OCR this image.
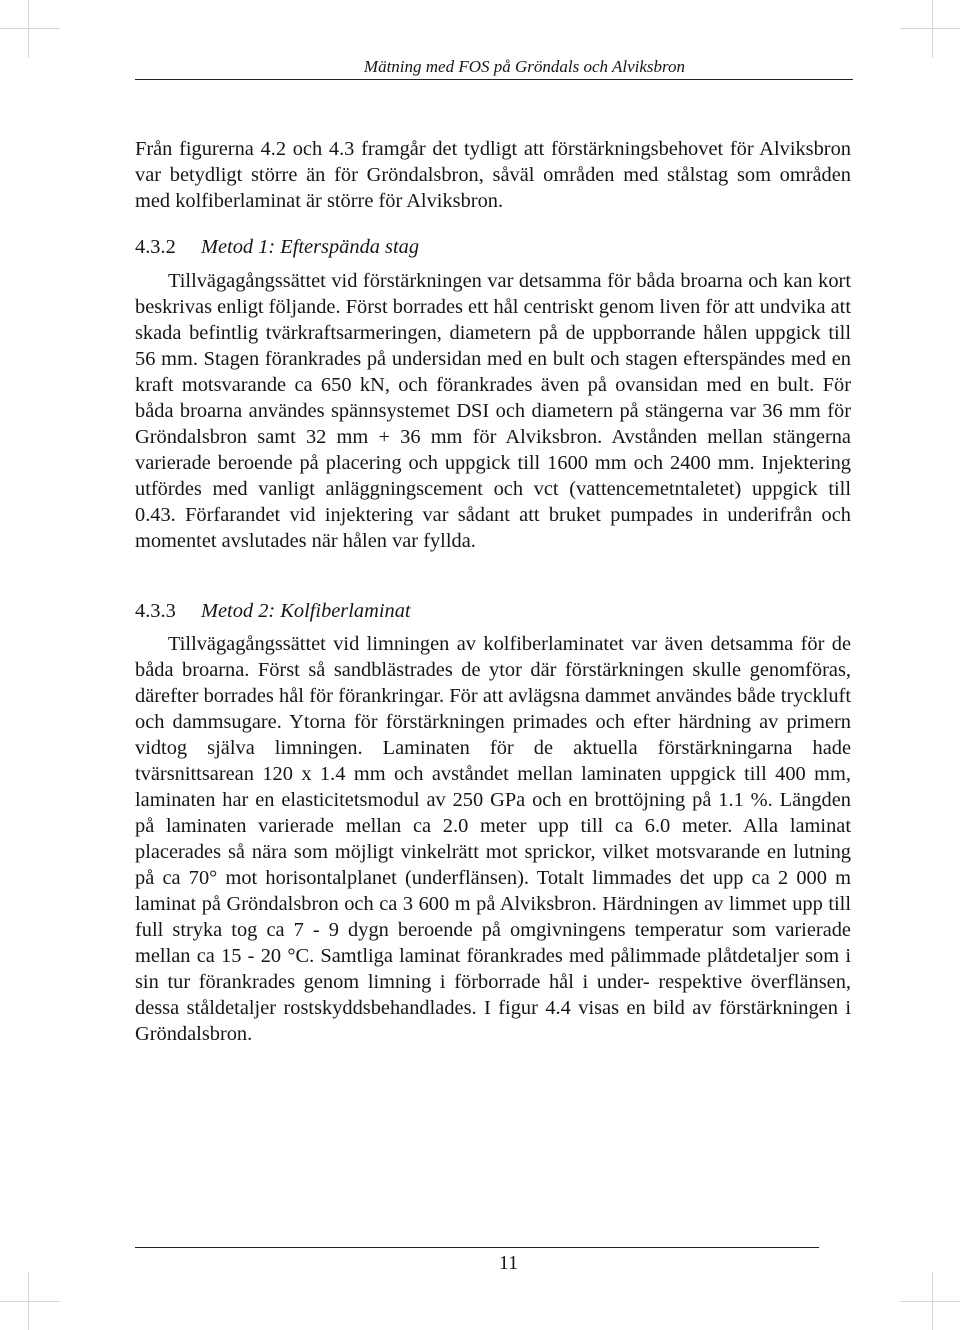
Mätning med FOS på Gröndals och Alviksbron

Från figurerna 4.2 och 4.3 framgår det tydligt att förstärkningsbehovet för Alviksbron var betydligt större än för Gröndalsbron, såväl områden med stålstag som områden med kolfiberlaminat är större för Alviksbron.

4.3.2 Metod 1: Efterspända stag

Tillvägagångssättet vid förstärkningen var detsamma för båda broarna och kan kort beskrivas enligt följande. Först borrades ett hål centriskt genom liven för att undvika att skada befintlig tvärkraftsarmeringen, diametern på de uppborrande hålen uppgick till 56 mm. Stagen förankrades på undersidan med en bult och stagen efterspändes med en kraft motsvarande ca 650 kN, och förankrades även på ovansidan med en bult. För båda broarna användes spännsystemet DSI och diametern på stängerna var 36 mm för Gröndalsbron samt 32 mm + 36 mm för Alviksbron. Avstånden mellan stängerna varierade beroende på placering och uppgick till 1600 mm och 2400 mm. Injektering utfördes med vanligt anläggningscement och vct (vattencemetntaletet) uppgick till 0.43. Förfarandet vid injektering var sådant att bruket pumpades in underifrån och momentet avslutades när hålen var fyllda.

4.3.3 Metod 2: Kolfiberlaminat

Tillvägagångssättet vid limningen av kolfiberlaminatet var även detsamma för de båda broarna. Först så sandblästrades de ytor där förstärkningen skulle genomföras, därefter borrades hål för förankringar. För att avlägsna dammet användes både tryckluft och dammsugare. Ytorna för förstärkningen primades och efter härdning av primern vidtog själva limningen. Laminaten för de aktuella förstärkningarna hade tvärsnittsarean 120 x 1.4 mm och avståndet mellan laminaten uppgick till 400 mm, laminaten har en elasticitetsmodul av 250 GPa och en brottöjning på 1.1 %. Längden på laminaten varierade mellan ca 2.0 meter upp till ca 6.0 meter. Alla laminat placerades så nära som möjligt vinkelrätt mot sprickor, vilket motsvarande en lutning på ca 70° mot horisontalplanet (underflänsen). Totalt limmades det upp ca 2 000 m laminat på Gröndalsbron och ca 3 600 m på Alviksbron. Härdningen av limmet upp till full stryka tog ca 7 - 9 dygn beroende på omgivningens temperatur som varierade mellan ca 15 - 20 °C. Samtliga laminat förankrades med pålimmade plåtdetaljer som i sin tur förankrades genom limning i förborrade hål i under- respektive överflänsen, dessa ståldetaljer rostskyddsbehandlades. I figur 4.4 visas en bild av förstärkningen i Gröndalsbron.

11
